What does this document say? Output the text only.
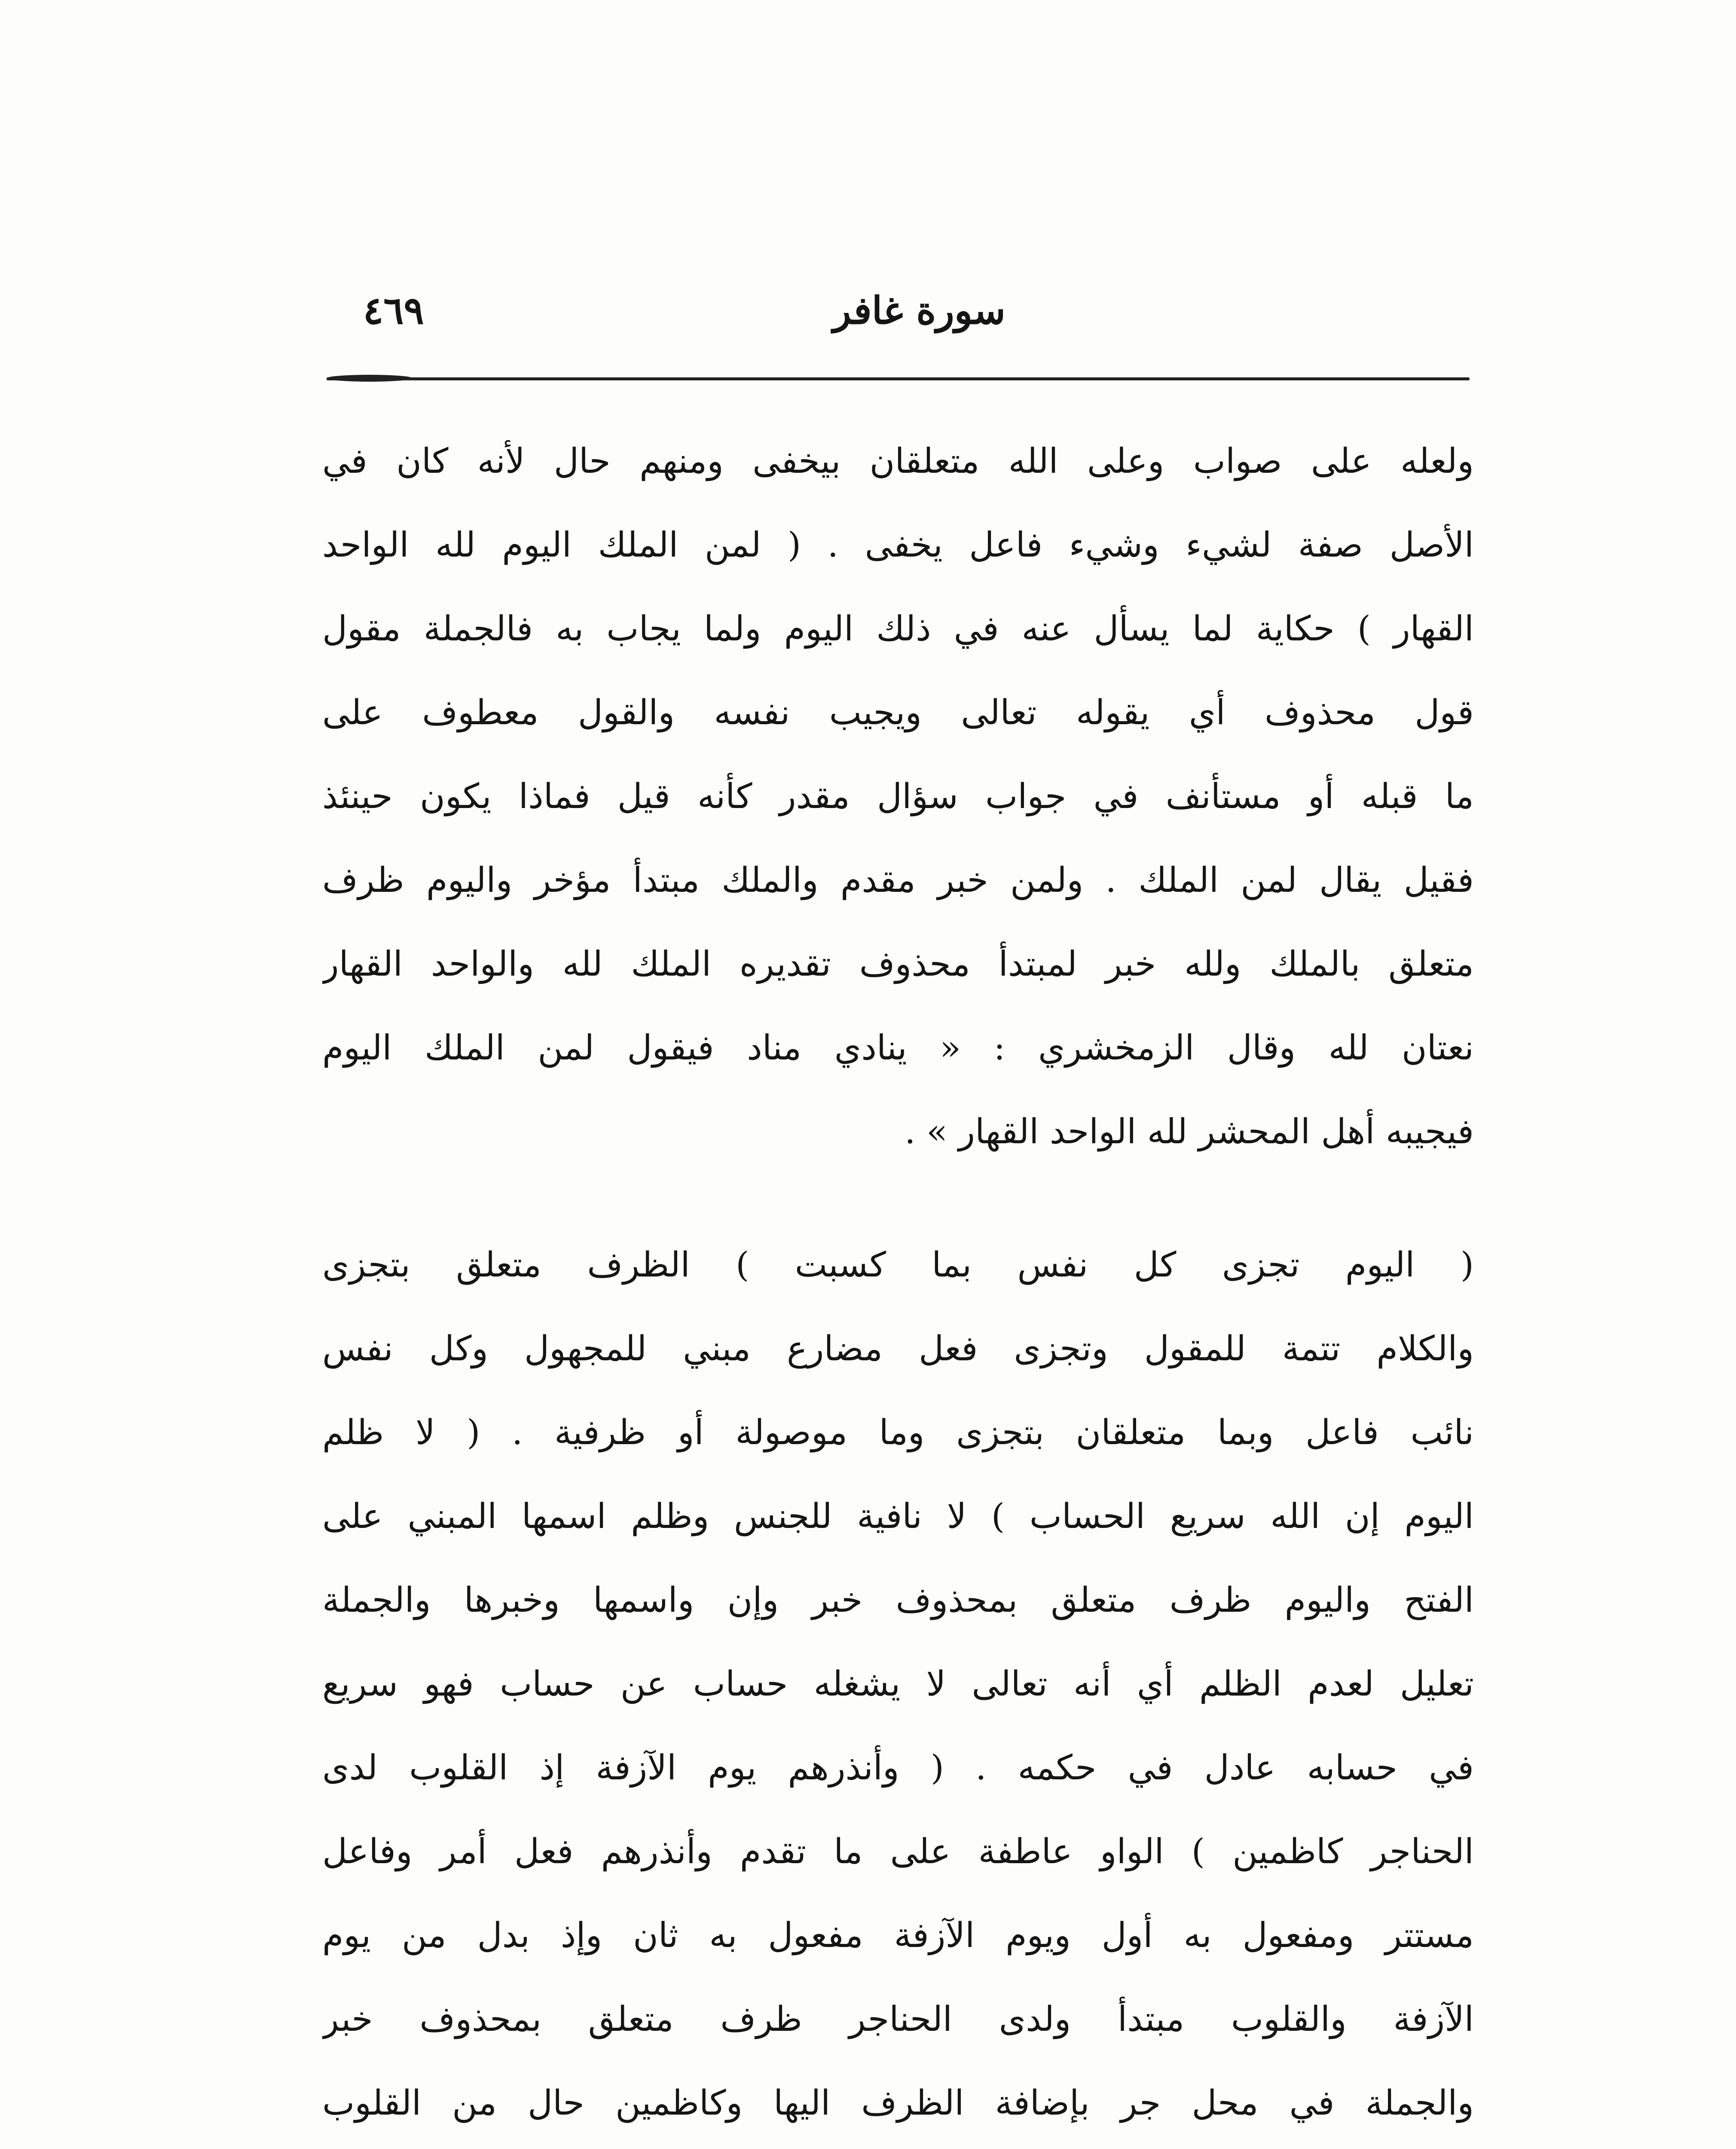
سورة غافر
٤٦٩
ولعله على صواب وعلى الله متعلقان بيخفى ومنهم حال لأنه كان في
الأصل صفة لشيء وشيء فاعل يخفى . ( لمن الملك اليوم لله الواحد
القهار ) حكاية لما يسأل عنه في ذلك اليوم ولما يجاب به فالجملة مقول
قول محذوف أي يقوله تعالى ويجيب نفسه والقول معطوف على
ما قبله أو مستأنف في جواب سؤال مقدر كأنه قيل فماذا يكون حينئذ
فقيل يقال لمن الملك . ولمن خبر مقدم والملك مبتدأ مؤخر واليوم ظرف
متعلق بالملك ولله خبر لمبتدأ محذوف تقديره الملك لله والواحد القهار
نعتان لله وقال الزمخشري : « ينادي مناد فيقول لمن الملك اليوم
فيجيبه أهل المحشر لله الواحد القهار » .
( اليوم تجزى كل نفس بما كسبت ) الظرف متعلق بتجزى
والكلام تتمة للمقول وتجزى فعل مضارع مبني للمجهول وكل نفس
نائب فاعل وبما متعلقان بتجزى وما موصولة أو ظرفية . ( لا ظلم
اليوم إن الله سريع الحساب ) لا نافية للجنس وظلم اسمها المبني على
الفتح واليوم ظرف متعلق بمحذوف خبر وإن واسمها وخبرها والجملة
تعليل لعدم الظلم أي أنه تعالى لا يشغله حساب عن حساب فهو سريع
في حسابه عادل في حكمه . ( وأنذرهم يوم الآزفة إذ القلوب لدى
الحناجر كاظمين ) الواو عاطفة على ما تقدم وأنذرهم فعل أمر وفاعل
مستتر ومفعول به أول ويوم الآزفة مفعول به ثان وإذ بدل من يوم
الآزفة والقلوب مبتدأ ولدى الحناجر ظرف متعلق بمحذوف خبر
والجملة في محل جر بإضافة الظرف اليها وكاظمين حال من القلوب
